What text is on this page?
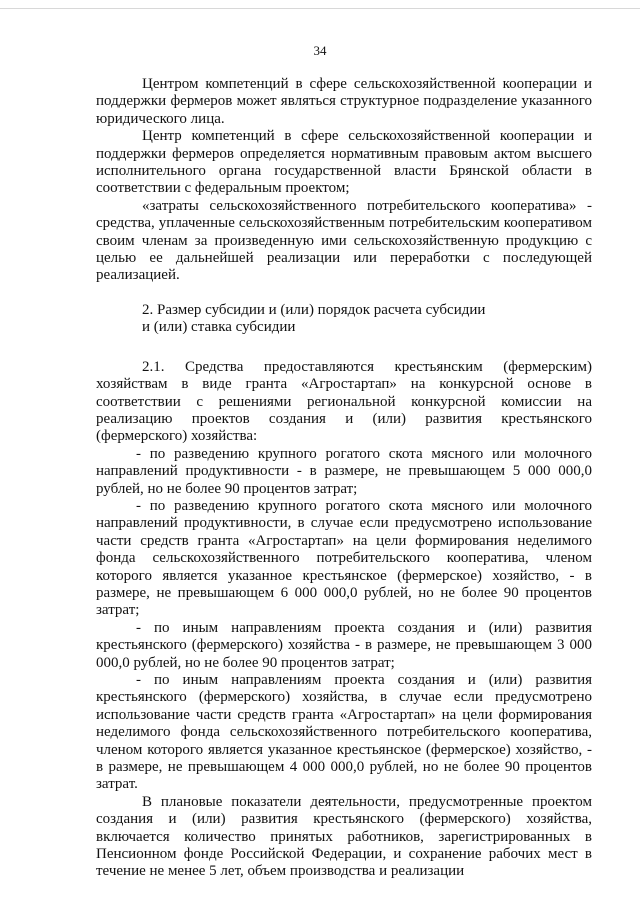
34

Центром компетенций в сфере сельскохозяйственной кооперации и поддержки фермеров может являться структурное подразделение указанного юридического лица.

Центр компетенций в сфере сельскохозяйственной кооперации и поддержки фермеров определяется нормативным правовым актом высшего исполнительного органа государственной власти Брянской области в соответствии с федеральным проектом;

«затраты сельскохозяйственного потребительского кооператива» - средства, уплаченные сельскохозяйственным потребительским кооперативом своим членам за произведенную ими сельскохозяйственную продукцию с целью ее дальнейшей реализации или переработки с последующей реализацией.

2. Размер субсидии и (или) порядок расчета субсидии

и (или) ставка субсидии

2.1. Средства предоставляются крестьянским (фермерским) хозяйствам в виде гранта «Агростартап» на конкурсной основе в соответствии с решениями региональной конкурсной комиссии на реализацию проектов создания и (или) развития крестьянского (фермерского) хозяйства:

- по разведению крупного рогатого скота мясного или молочного направлений продуктивности - в размере, не превышающем 5 000 000,0 рублей, но не более 90 процентов затрат;

- по разведению крупного рогатого скота мясного или молочного направлений продуктивности, в случае если предусмотрено использование части средств гранта «Агростартап» на цели формирования неделимого фонда сельскохозяйственного потребительского кооператива, членом которого является указанное крестьянское (фермерское) хозяйство, - в размере, не превышающем 6 000 000,0 рублей, но не более 90 процентов затрат;

- по иным направлениям проекта создания и (или) развития крестьянского (фермерского) хозяйства - в размере, не превышающем 3 000 000,0 рублей, но не более 90 процентов затрат;

- по иным направлениям проекта создания и (или) развития крестьянского (фермерского) хозяйства, в случае если предусмотрено использование части средств гранта «Агростартап» на цели формирования неделимого фонда сельскохозяйственного потребительского кооператива, членом которого является указанное крестьянское (фермерское) хозяйство, - в размере, не превышающем 4 000 000,0 рублей, но не более 90 процентов затрат.

В плановые показатели деятельности, предусмотренные проектом создания и (или) развития крестьянского (фермерского) хозяйства, включается количество принятых работников, зарегистрированных в Пенсионном фонде Российской Федерации, и сохранение рабочих мест в течение не менее 5 лет, объем производства и реализации
